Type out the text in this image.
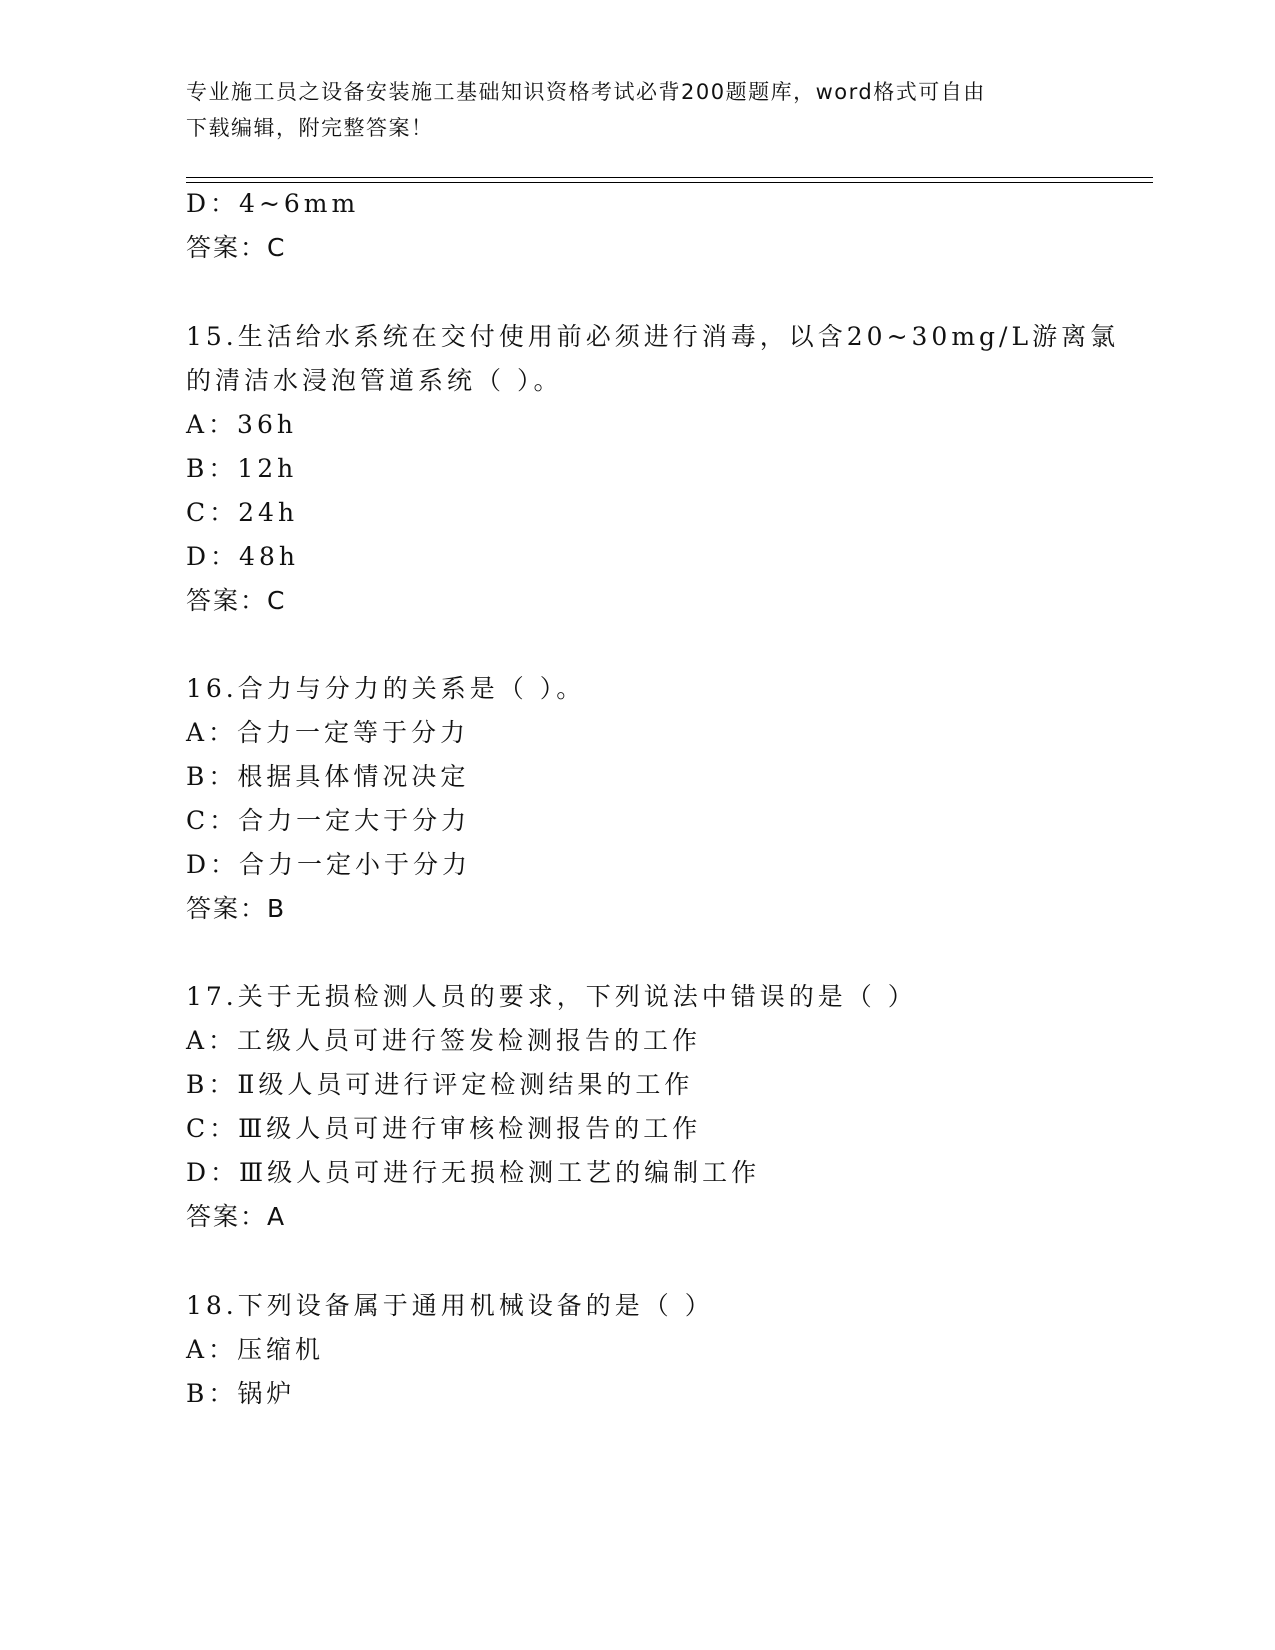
专业施工员之设备安装施工基础知识资格考试必背200题题库，word格式可自由
下载编辑，附完整答案！
D：4~6mm
答案：C
15.生活给水系统在交付使用前必须进行消毒，以含20~30mg/L游离氯
的清洁水浸泡管道系统（ ）。
A：36h
B：12h
C：24h
D：48h
答案：C
16.合力与分力的关系是（ ）。
A：合力一定等于分力
B：根据具体情况决定
C：合力一定大于分力
D：合力一定小于分力
答案：B
17.关于无损检测人员的要求，下列说法中错误的是（ ）
A：工级人员可进行签发检测报告的工作
B：Ⅱ级人员可进行评定检测结果的工作
C：Ⅲ级人员可进行审核检测报告的工作
D：Ⅲ级人员可进行无损检测工艺的编制工作
答案：A
18.下列设备属于通用机械设备的是（ ）
A：压缩机
B：锅炉
